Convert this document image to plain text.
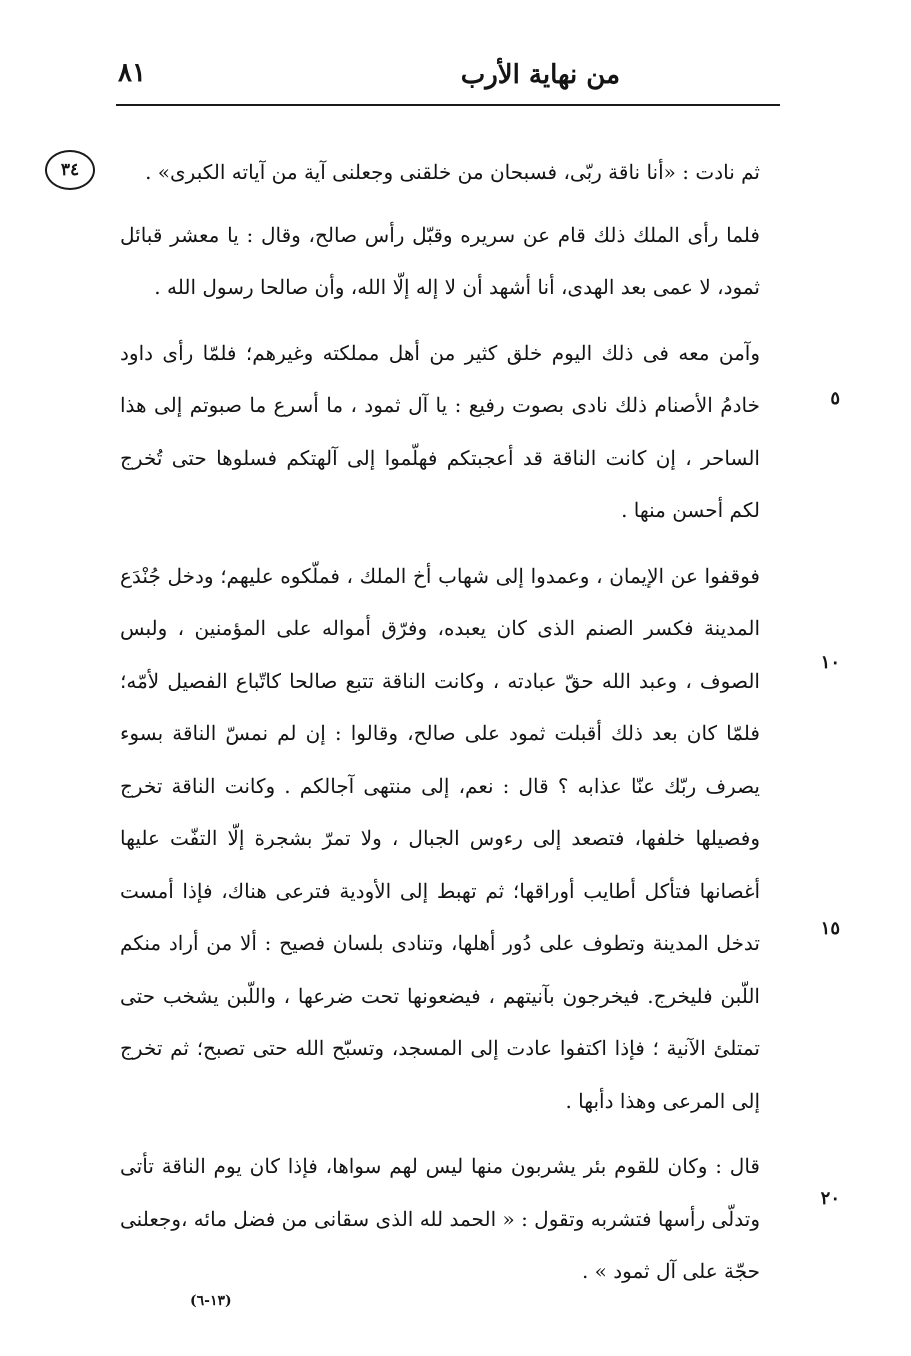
من نهاية الأرب
٨١
٣٤
٥
١٠
١٥
٢٠

ثم نادت : «أنا ناقة ربّى، فسبحان من خلقنى وجعلنى آية من آياته الكبرى» .

فلما رأى الملك ذلك قام عن سريره وقبّل رأس صالح، وقال : يا معشر قبائل ثمود، لا عمى بعد الهدى، أنا أشهد أن لا إله إلّا الله، وأن صالحا رسول الله .

وآمن معه فى ذلك اليوم خلق كثير من أهل مملكته وغيرهم؛ فلمّا رأى داود خادمُ الأصنام ذلك نادى بصوت رفيع : يا آل ثمود ، ما أسرع ما صبوتم إلى هذا الساحر ، إن كانت الناقة قد أعجبتكم فهلّموا إلى آلهتكم فسلوها حتى تُخرج لكم أحسن منها .

فوقفوا عن الإيمان ، وعمدوا إلى شهاب أخ الملك ، فملّكوه عليهم؛ ودخل جُنْدَع المدينة فكسر الصنم الذى كان يعبده، وفرّق أمواله على المؤمنين ، ولبس الصوف ، وعبد الله حقّ عبادته ، وكانت الناقة تتبع صالحا كاتّباع الفصيل لأمّه؛ فلمّا كان بعد ذلك أقبلت ثمود على صالح، وقالوا : إن لم نمسّ الناقة بسوء يصرف ربّك عنّا عذابه ؟ قال : نعم، إلى منتهى آجالكم . وكانت الناقة تخرج وفصيلها خلفها، فتصعد إلى رءوس الجبال ، ولا تمرّ بشجرة إلّا التفّت عليها أغصانها فتأكل أطايب أوراقها؛ ثم تهبط إلى الأودية فترعى هناك، فإذا أمست تدخل المدينة وتطوف على دُور أهلها، وتنادى بلسان فصيح : ألا من أراد منكم اللّبن فليخرج. فيخرجون بآنيتهم ، فيضعونها تحت ضرعها ، واللّبن يشخب حتى تمتلئ الآنية ؛ فإذا اكتفوا عادت إلى المسجد، وتسبّح الله حتى تصبح؛ ثم تخرج إلى المرعى وهذا دأبها .

قال : وكان للقوم بئر يشربون منها ليس لهم سواها، فإذا كان يوم الناقة تأتى وتدلّى رأسها فتشربه وتقول : « الحمد لله الذى سقانى من فضل مائه ،وجعلنى حجّة على آل ثمود » .

(١٣-٦)
